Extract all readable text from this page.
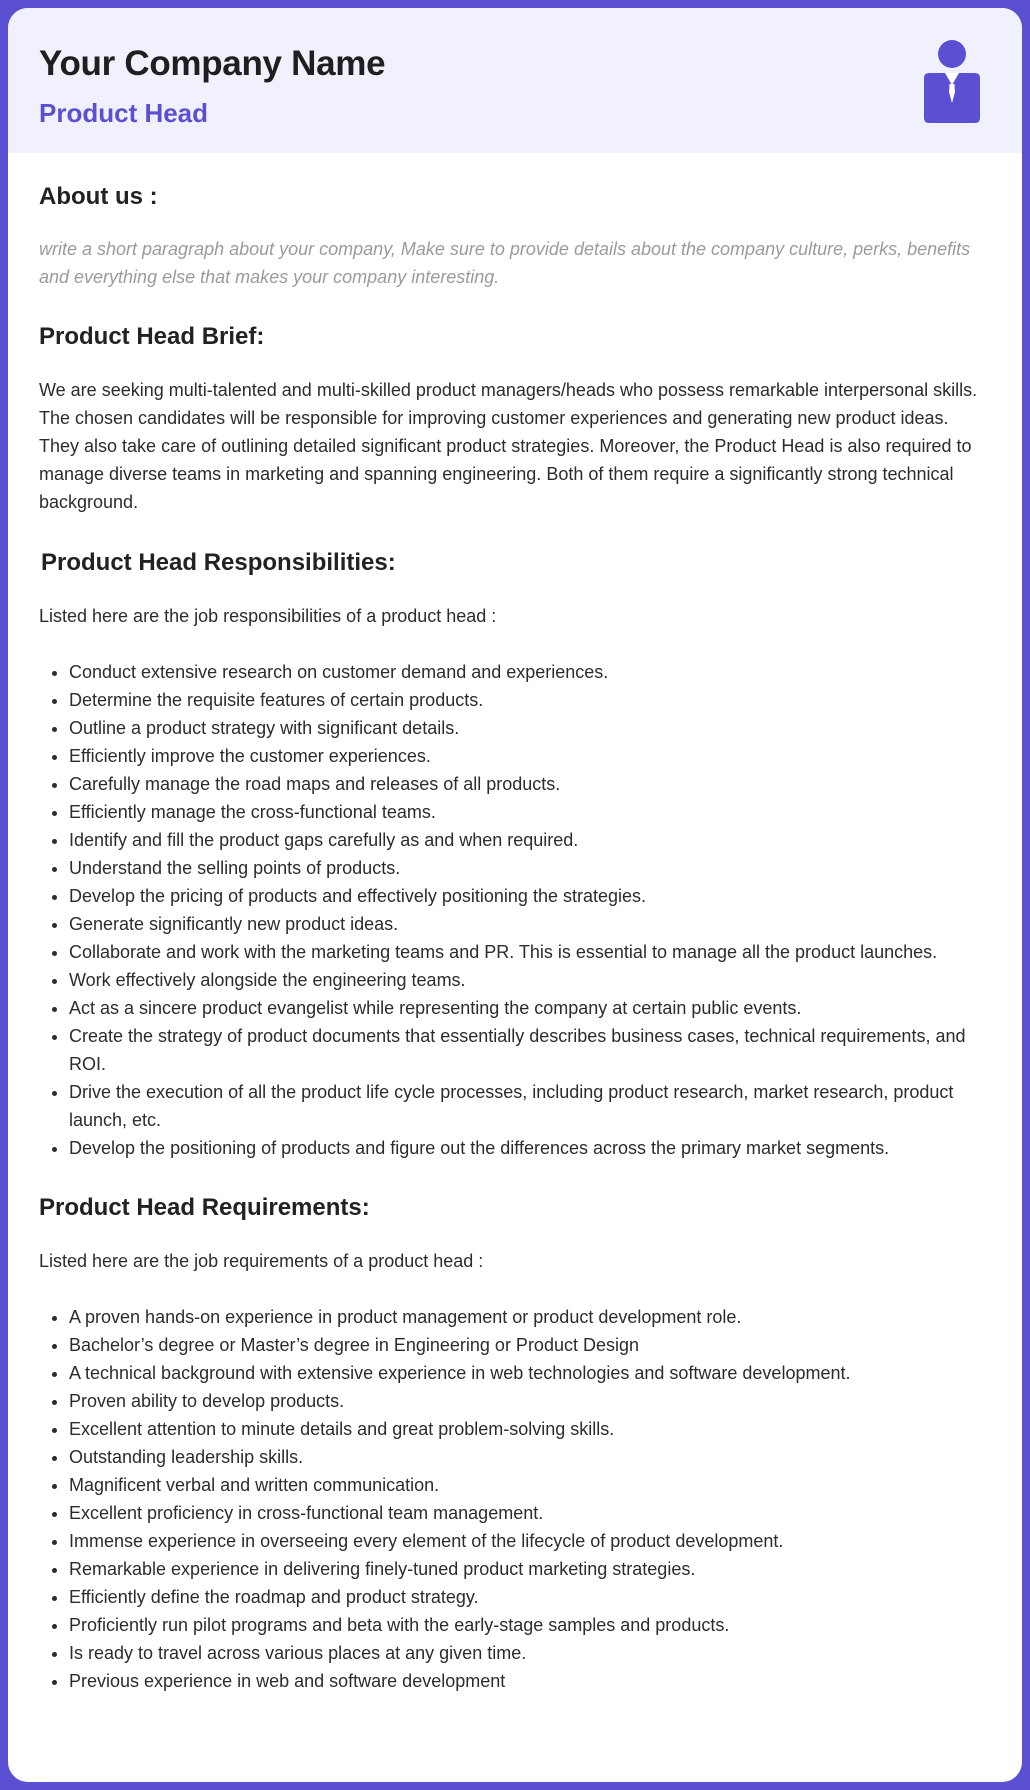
Your Company Name
Product Head
About us :

write a short paragraph about your company, Make sure to provide details about the company culture, perks, benefits and everything else that makes your company interesting.

Product Head Brief:

We are seeking multi-talented and multi-skilled product managers/heads who possess remarkable interpersonal skills. The chosen candidates will be responsible for improving customer experiences and generating new product ideas. They also take care of outlining detailed significant product strategies. Moreover, the Product Head is also required to manage diverse teams in marketing and spanning engineering. Both of them require a significantly strong technical background.

Product Head Responsibilities:

Listed here are the job responsibilities of a product head :

• Conduct extensive research on customer demand and experiences.
• Determine the requisite features of certain products.
• Outline a product strategy with significant details.
• Efficiently improve the customer experiences.
• Carefully manage the road maps and releases of all products.
• Efficiently manage the cross-functional teams.
• Identify and fill the product gaps carefully as and when required.
• Understand the selling points of products.
• Develop the pricing of products and effectively positioning the strategies.
• Generate significantly new product ideas.
• Collaborate and work with the marketing teams and PR. This is essential to manage all the product launches.
• Work effectively alongside the engineering teams.
• Act as a sincere product evangelist while representing the company at certain public events.
• Create the strategy of product documents that essentially describes business cases, technical requirements, and ROI.
• Drive the execution of all the product life cycle processes, including product research, market research, product launch, etc.
• Develop the positioning of products and figure out the differences across the primary market segments.
Product Head Requirements:

Listed here are the job requirements of a product head :

• A proven hands-on experience in product management or product development role.
• Bachelor’s degree or Master’s degree in Engineering or Product Design
• A technical background with extensive experience in web technologies and software development.
• Proven ability to develop products.
• Excellent attention to minute details and great problem-solving skills.
• Outstanding leadership skills.
• Magnificent verbal and written communication.
• Excellent proficiency in cross-functional team management.
• Immense experience in overseeing every element of the lifecycle of product development.
• Remarkable experience in delivering finely-tuned product marketing strategies.
• Efficiently define the roadmap and product strategy.
• Proficiently run pilot programs and beta with the early-stage samples and products.
• Is ready to travel across various places at any given time.
• Previous experience in web and software development
